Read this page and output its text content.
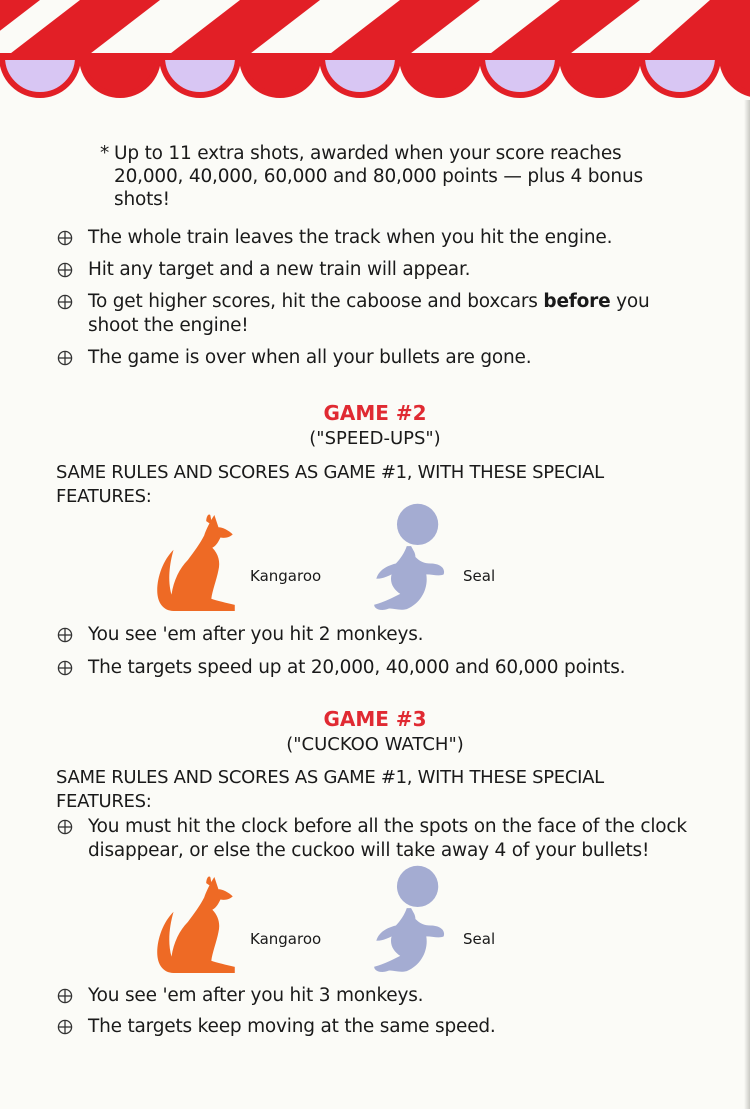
* Up to 11 extra shots, awarded when your score reaches
20,000, 40,000, 60,000 and 80,000 points — plus 4 bonus
shots!
The whole train leaves the track when you hit the engine.
Hit any target and a new train will appear.
To get higher scores, hit the caboose and boxcars before you
shoot the engine!
The game is over when all your bullets are gone.
GAME #2
("SPEED-UPS")
SAME RULES AND SCORES AS GAME #1, WITH THESE SPECIAL
FEATURES:
Kangaroo	Seal
You see 'em after you hit 2 monkeys.
The targets speed up at 20,000, 40,000 and 60,000 points.
GAME #3
("CUCKOO WATCH")
SAME RULES AND SCORES AS GAME #1, WITH THESE SPECIAL
FEATURES:
You must hit the clock before all the spots on the face of the clock
disappear, or else the cuckoo will take away 4 of your bullets!
Kangaroo	Seal
You see 'em after you hit 3 monkeys.
The targets keep moving at the same speed.
